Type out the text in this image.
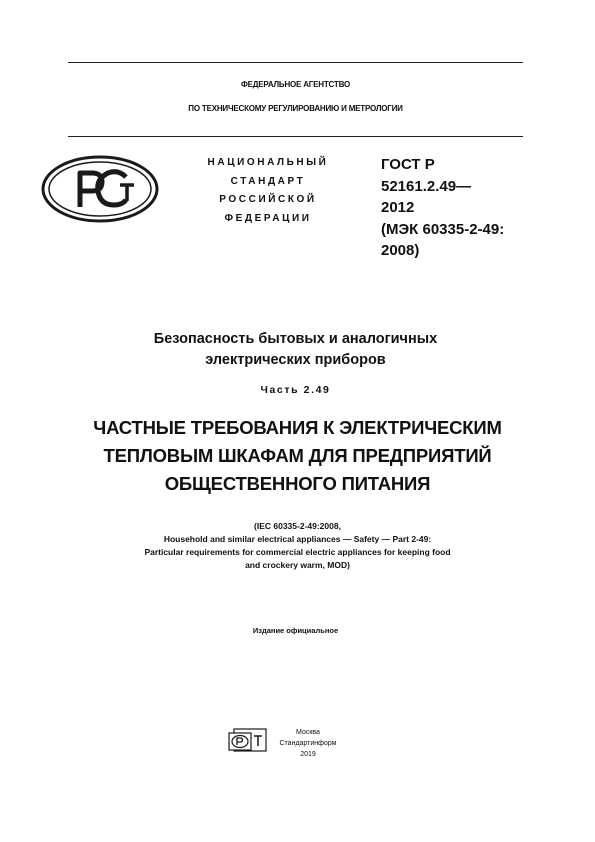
ФЕДЕРАЛЬНОЕ АГЕНТСТВО
ПО ТЕХНИЧЕСКОМУ РЕГУЛИРОВАНИЮ И МЕТРОЛОГИИ
НАЦИОНАЛЬНЫЙ
СТАНДАРТ
РОССИЙСКОЙ
ФЕДЕРАЦИИ
ГОСТ Р
52161.2.49—
2012
(МЭК 60335-2-49:
2008)
Безопасность бытовых и аналогичных
электрических приборов
Часть 2.49
ЧАСТНЫЕ ТРЕБОВАНИЯ К ЭЛЕКТРИЧЕСКИМ
ТЕПЛОВЫМ ШКАФАМ ДЛЯ ПРЕДПРИЯТИЙ
ОБЩЕСТВЕННОГО ПИТАНИЯ
(IEC 60335-2-49:2008,
Household and similar electrical appliances — Safety — Part 2-49:
Particular requirements for commercial electric appliances for keeping food
and crockery warm, MOD)
Издание официальное
Москва
Стандартинформ
2019
